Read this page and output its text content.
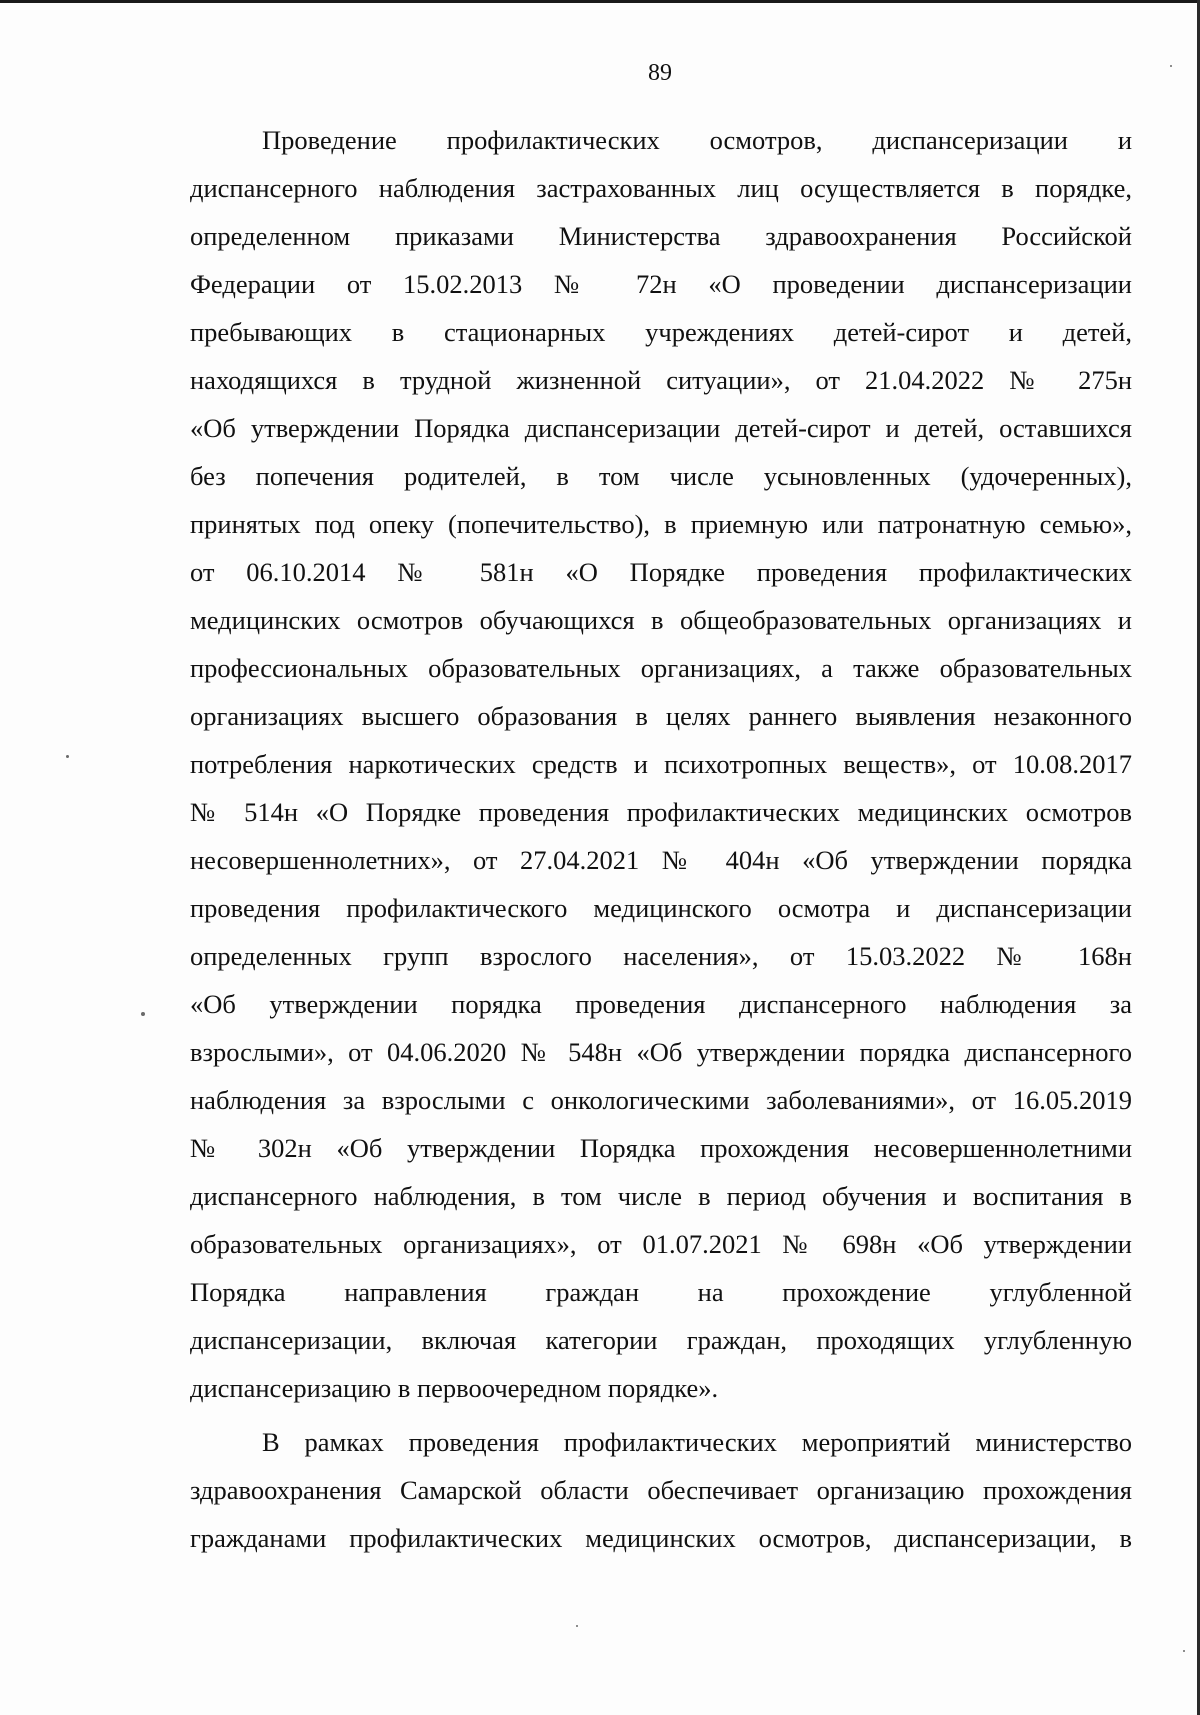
89
Проведение профилактических осмотров, диспансеризации и
диспансерного наблюдения застрахованных лиц осуществляется в порядке,
определенном приказами Министерства здравоохранения Российской
Федерации от 15.02.2013 № 72н «О проведении диспансеризации
пребывающих в стационарных учреждениях детей-сирот и детей,
находящихся в трудной жизненной ситуации», от 21.04.2022 № 275н
«Об утверждении Порядка диспансеризации детей-сирот и детей, оставшихся
без попечения родителей, в том числе усыновленных (удочеренных),
принятых под опеку (попечительство), в приемную или патронатную семью»,
от 06.10.2014 № 581н «О Порядке проведения профилактических
медицинских осмотров обучающихся в общеобразовательных организациях и
профессиональных образовательных организациях, а также образовательных
организациях высшего образования в целях раннего выявления незаконного
потребления наркотических средств и психотропных веществ», от 10.08.2017
№ 514н «О Порядке проведения профилактических медицинских осмотров
несовершеннолетних», от 27.04.2021 № 404н «Об утверждении порядка
проведения профилактического медицинского осмотра и диспансеризации
определенных групп взрослого населения», от 15.03.2022 № 168н
«Об утверждении порядка проведения диспансерного наблюдения за
взрослыми», от 04.06.2020 № 548н «Об утверждении порядка диспансерного
наблюдения за взрослыми с онкологическими заболеваниями», от 16.05.2019
№ 302н «Об утверждении Порядка прохождения несовершеннолетними
диспансерного наблюдения, в том числе в период обучения и воспитания в
образовательных организациях», от 01.07.2021 № 698н «Об утверждении
Порядка направления граждан на прохождение углубленной
диспансеризации, включая категории граждан, проходящих углубленную
диспансеризацию в первоочередном порядке».
В рамках проведения профилактических мероприятий министерство
здравоохранения Самарской области обеспечивает организацию прохождения
гражданами профилактических медицинских осмотров, диспансеризации, в
